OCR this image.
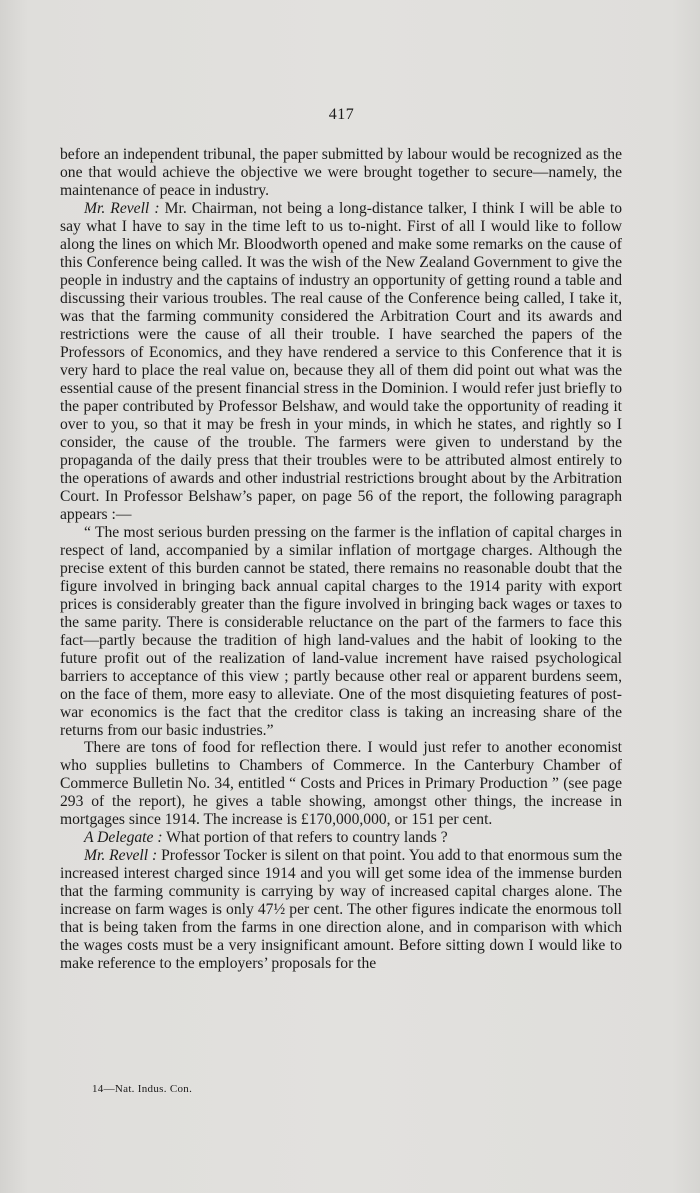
417

before an independent tribunal, the paper submitted by labour would be recognized as the one that would achieve the objective we were brought together to secure—namely, the maintenance of peace in industry.

Mr. Revell : Mr. Chairman, not being a long-distance talker, I think I will be able to say what I have to say in the time left to us to-night. First of all I would like to follow along the lines on which Mr. Bloodworth opened and make some remarks on the cause of this Conference being called. It was the wish of the New Zealand Government to give the people in industry and the captains of industry an opportunity of getting round a table and discussing their various troubles. The real cause of the Conference being called, I take it, was that the farming community considered the Arbitration Court and its awards and restrictions were the cause of all their trouble. I have searched the papers of the Professors of Economics, and they have rendered a service to this Conference that it is very hard to place the real value on, because they all of them did point out what was the essential cause of the present financial stress in the Dominion. I would refer just briefly to the paper contributed by Professor Belshaw, and would take the opportunity of reading it over to you, so that it may be fresh in your minds, in which he states, and rightly so I consider, the cause of the trouble. The farmers were given to understand by the propaganda of the daily press that their troubles were to be attributed almost entirely to the operations of awards and other industrial restrictions brought about by the Arbitration Court. In Professor Belshaw’s paper, on page 56 of the report, the following paragraph appears :—

“ The most serious burden pressing on the farmer is the inflation of capital charges in respect of land, accompanied by a similar inflation of mortgage charges. Although the precise extent of this burden cannot be stated, there remains no reasonable doubt that the figure involved in bringing back annual capital charges to the 1914 parity with export prices is considerably greater than the figure involved in bringing back wages or taxes to the same parity. There is considerable reluctance on the part of the farmers to face this fact—partly because the tradition of high land-values and the habit of looking to the future profit out of the realization of land-value increment have raised psychological barriers to acceptance of this view ; partly because other real or apparent burdens seem, on the face of them, more easy to alleviate. One of the most disquieting features of post-war economics is the fact that the creditor class is taking an increasing share of the returns from our basic industries.”

There are tons of food for reflection there. I would just refer to another economist who supplies bulletins to Chambers of Commerce. In the Canterbury Chamber of Commerce Bulletin No. 34, entitled “ Costs and Prices in Primary Production ” (see page 293 of the report), he gives a table showing, amongst other things, the increase in mortgages since 1914. The increase is £170,000,000, or 151 per cent.

A Delegate : What portion of that refers to country lands ?

Mr. Revell : Professor Tocker is silent on that point. You add to that enormous sum the increased interest charged since 1914 and you will get some idea of the immense burden that the farming community is carrying by way of increased capital charges alone. The increase on farm wages is only 47½ per cent. The other figures indicate the enormous toll that is being taken from the farms in one direction alone, and in comparison with which the wages costs must be a very insignificant amount. Before sitting down I would like to make reference to the employers’ proposals for the

14—Nat. Indus. Con.
